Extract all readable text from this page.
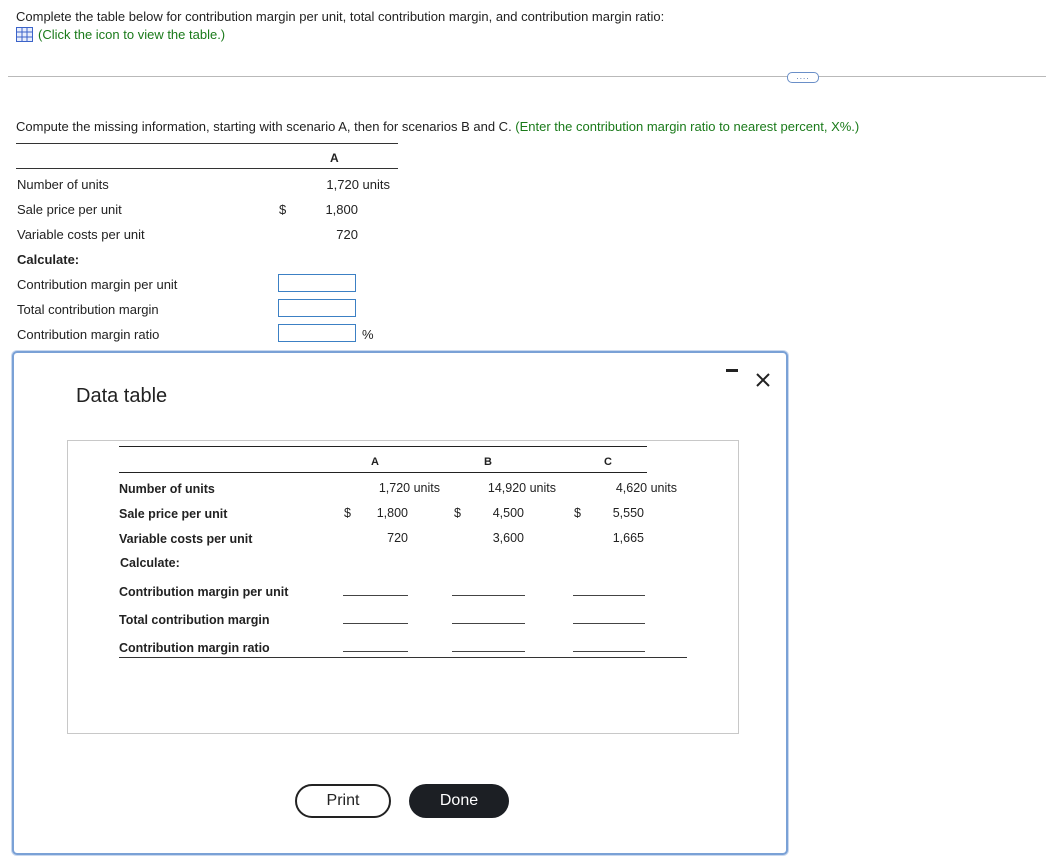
Complete the table below for contribution margin per unit, total contribution margin, and contribution margin ratio:
(Click the icon to view the table.)
....
Compute the missing information, starting with scenario A, then for scenarios B and C. (Enter the contribution margin ratio to nearest percent, X%.)
A
Number of units	1,720 units
Sale price per unit	$	1,800
Variable costs per unit	720
Calculate:
Contribution margin per unit
Total contribution margin
Contribution margin ratio	%
Data table
A	B	C
Number of units	1,720 units	14,920 units	4,620 units
Sale price per unit	$	1,800	$	4,500	$	5,550
Variable costs per unit	720	3,600	1,665
Calculate:
Contribution margin per unit
Total contribution margin
Contribution margin ratio
Print	Done
